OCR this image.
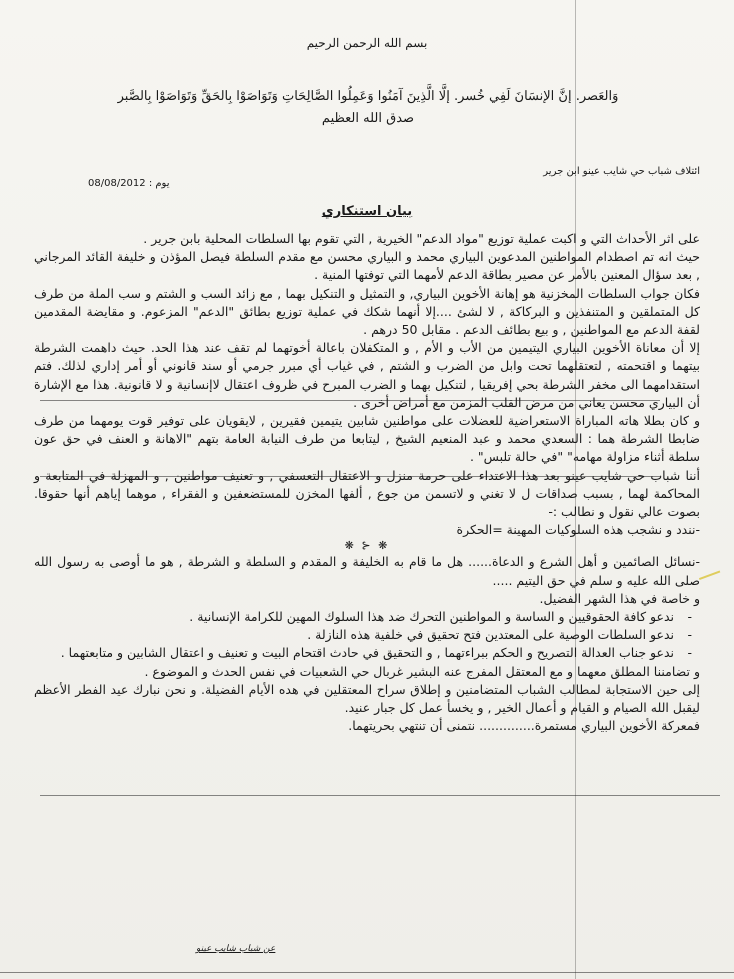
بسم الله الرحمن الرحيم
وَالعَصر. إنَّ الإنسَانَ لَفِي خُسر. إلَّا الَّذِينَ آمَنُوا وَعَمِلُوا الصَّالِحَاتِ وَتَوَاصَوْا بِالحَقِّ وَتَوَاصَوْا بِالصَّبر
صدق الله العظيم
ائتلاف شباب حي شايب عينو ابن جرير
يوم : 08/08/2012
بيان استنكاري

على اثر الأحداث التي و اكبت عملية توزيع "مواد الدعم" الخيرية , التي تقوم بها السلطات المحلية بابن جرير .

حيث انه تم اصطدام المواطنين المدعوين البياري محمد و البياري محسن مع مقدم السلطة فيصل المؤذن و خليفة القائد المرجاني , بعد سؤال المعنين بالأمر عن مصير بطاقة الدعم لأمهما التي توفتها المنية .

فكان جواب السلطات المخزنية هو إهانة الأخوين البياري, و التمثيل و التنكيل بهما , مع زائد السب و الشتم و سب الملة من طرف كل المتملقين و المتنفذين و البركاكة , لا لشئ ....إلا أنهما شكك في عملية توزيع بطائق "الدعم" المزعوم. و مقايضة المقدمين لقفة الدعم مع المواطنين , و بيع بطائف الدعم . مقابل 50 درهم .

إلا أن معاناة الأخوين البياري اليتيمين من الأب و الأم , و المتكفلان باعالة أخوتهما لم تقف عند هذا الحد. حيث داهمت الشرطة بيتهما و اقتحمته , لتعتقلهما تحت وابل من الضرب و الشتم , في غياب أي مبرر جرمي أو سند قانوني أو أمر إداري لذلك. فتم استقدامهما الى مخفر الشرطة بحي إفريقيا , لتنكيل بهما و الضرب المبرح في ظروف اعتقال لاإنسانية و لا قانونية. هذا مع الإشارة أن البياري محسن يعاني من مرض القلب المزمن مع أمراض أخرى .

و كان بطلا هاته المباراة الاستعراضية للعضلات على مواطنين شابين يتيمين فقيرين , لايقويان على توفير قوت يومهما من طرف ضابطا الشرطة هما : السعدي محمد و عبد المنعيم الشيخ , ليتابعا من طرف النيابة العامة بتهم "الاهانة و العنف في حق عون سلطة أثناء مزاولة مهامه" "في حالة تلبس" .

أننا شباب حي شايب عينو بعد هذا الاعتداء على حرمة منزل و الاعتقال التعسفي , و تعنيف مواطنين , و المهزلة في المتابعة و المحاكمة لهما , بسبب صداقات ل لا تغني و لاتسمن من جوع , ألفها المخزن للمستضعفين و الفقراء , موهما إياهم أنها حقوقا. بصوت عالي نقول و نطالب :-

-نندد و نشجب هذه السلوكيات المهينة =الحكرة

❋ ⊰ ❋

-نسائل الصائمين و أهل الشرع و الدعاة...... هل ما قام به الخليفة و المقدم و السلطة و الشرطة , هو ما أوصى به رسول الله صلى الله عليه و سلم في حق اليتيم .....

و خاصة في هذا الشهر الفضيل.

- ندعو كافة الحقوقيين و الساسة و المواطنين التحرك ضد هذا السلوك المهين للكرامة الإنسانية .
- ندعو السلطات الوصية على المعتدين فتح تحقيق في خلفية هذه النازلة .
- ندعو جناب العدالة التصريح و الحكم ببراءتهما , و التحقيق في حادث اقتحام البيت و تعنيف و اعتقال الشابين و متابعتهما .

و تضامننا المطلق معهما و مع المعتقل المفرج عنه البشير غربال حي الشعبيات في نفس الحدث و الموضوع .

إلى حين الاستجابة لمطالب الشباب المتضامنين و إطلاق سراح المعتقلين في هده الأيام الفضيلة. و نحن نبارك عيد الفطر الأعظم ليقبل الله الصيام و القيام و أعمال الخير , و يخسأ عمل كل جبار عنيد.

فمعركة الأخوين البياري مستمرة.............. نتمنى أن تنتهي بحريتهما.

عن شباب شايب عينو
